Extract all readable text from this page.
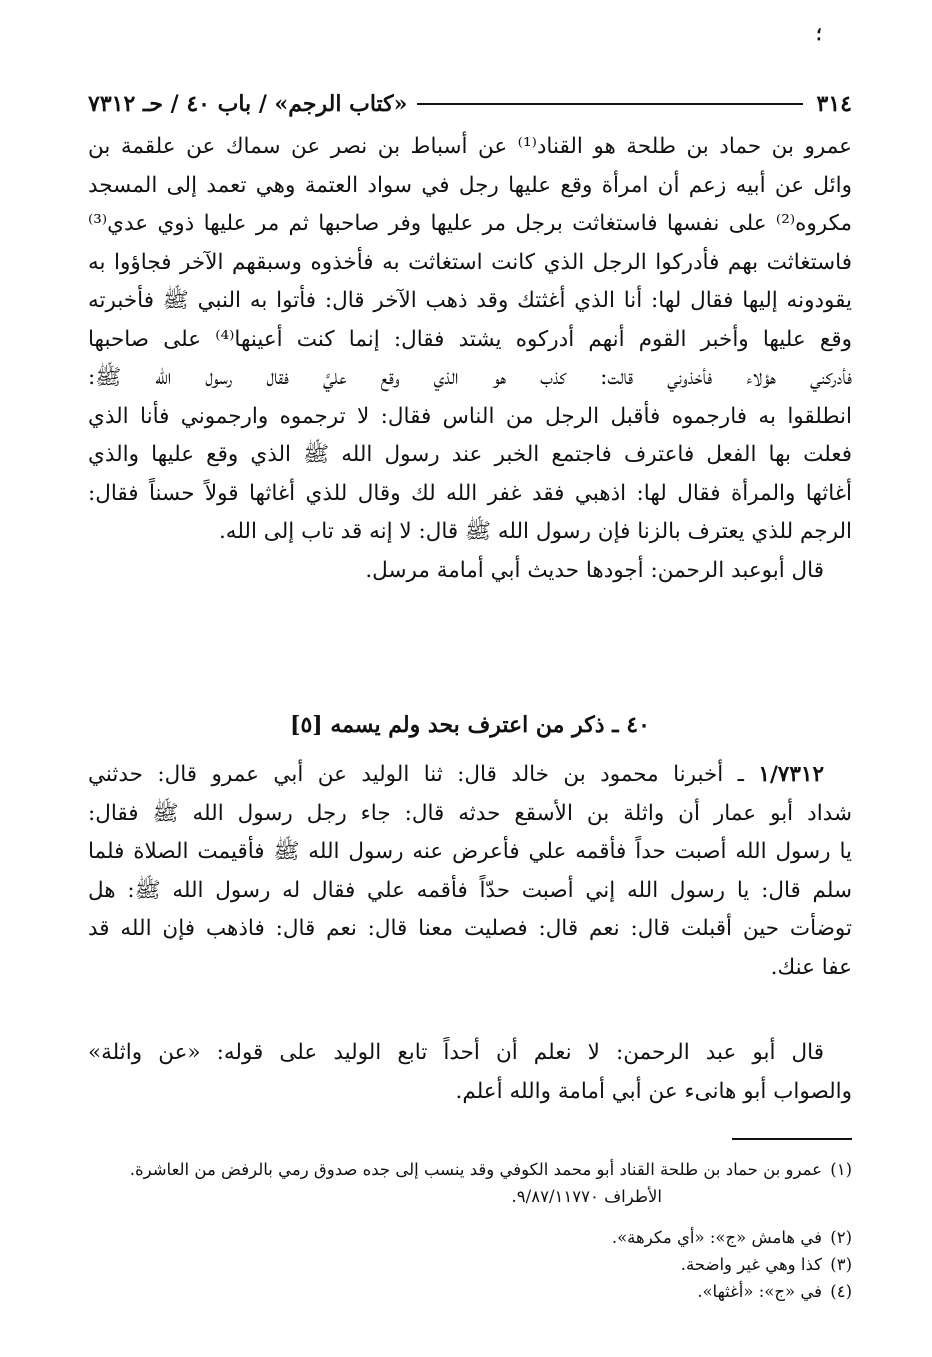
؛
٣١٤
«كتاب الرجم» / باب ٤٠ / حـ ٧٣١٢
عمرو بن حماد بن طلحة هو القناد⁽¹⁾ عن أسباط بن نصر عن سماك عن علقمة بن
وائل عن أبيه زعم أن امرأة وقع عليها رجل في سواد العتمة وهي تعمد إلى المسجد
مكروه⁽²⁾ على نفسها فاستغاثت برجل مر عليها وفر صاحبها ثم مر عليها ذوي عدي⁽³⁾
فاستغاثت بهم فأدركوا الرجل الذي كانت استغاثت به فأخذوه وسبقهم الآخر فجاؤوا به
يقودونه إليها فقال لها: أنا الذي أغثتك وقد ذهب الآخر قال: فأتوا به النبي ﷺ فأخبرته
وقع عليها وأخبر القوم أنهم أدركوه يشتد فقال: إنما كنت أعينها⁽⁴⁾ على صاحبها
فأدركني هؤلاء فأخذوني قالت: كذب هو الذي وقع عليَّ فقال رسول الله ﷺ:
انطلقوا به فارجموه فأقبل الرجل من الناس فقال: لا ترجموه وارجموني فأنا الذي
فعلت بها الفعل فاعترف فاجتمع الخبر عند رسول الله ﷺ الذي وقع عليها والذي
أغاثها والمرأة فقال لها: اذهبي فقد غفر الله لك وقال للذي أغاثها قولاً حسناً فقال:
الرجم للذي يعترف بالزنا فإن رسول الله ﷺ قال: لا إنه قد تاب إلى الله.
قال أبوعبد الرحمن: أجودها حديث أبي أمامة مرسل.
٤٠ ـ ذكر من اعترف بحد ولم يسمه [٥]
١/٧٣١٢ ـ أخبرنا محمود بن خالد قال: ثنا الوليد عن أبي عمرو قال: حدثني
شداد أبو عمار أن واثلة بن الأسقع حدثه قال: جاء رجل رسول الله ﷺ فقال:
يا رسول الله أصبت حداً فأقمه علي فأعرض عنه رسول الله ﷺ فأقيمت الصلاة فلما
سلم قال: يا رسول الله إني أصبت حدّاً فأقمه علي فقال له رسول الله ﷺ: هل
توضأت حين أقبلت قال: نعم قال: فصليت معنا قال: نعم قال: فاذهب فإن الله قد
عفا عنك.
قال أبو عبد الرحمن: لا نعلم أن أحداً تابع الوليد على قوله: «عن واثلة»
والصواب أبو هانىء عن أبي أمامة والله أعلم.
(١)
عمرو بن حماد بن طلحة القناد أبو محمد الكوفي وقد ينسب إلى جده صدوق رمي بالرفض من العاشرة.
الأطراف ٩/٨٧/١١٧٧٠.
(٢)
في هامش «ج»: «أي مكرهة».
(٣)
كذا وهي غير واضحة.
(٤)
في «ج»: «أغثها».
